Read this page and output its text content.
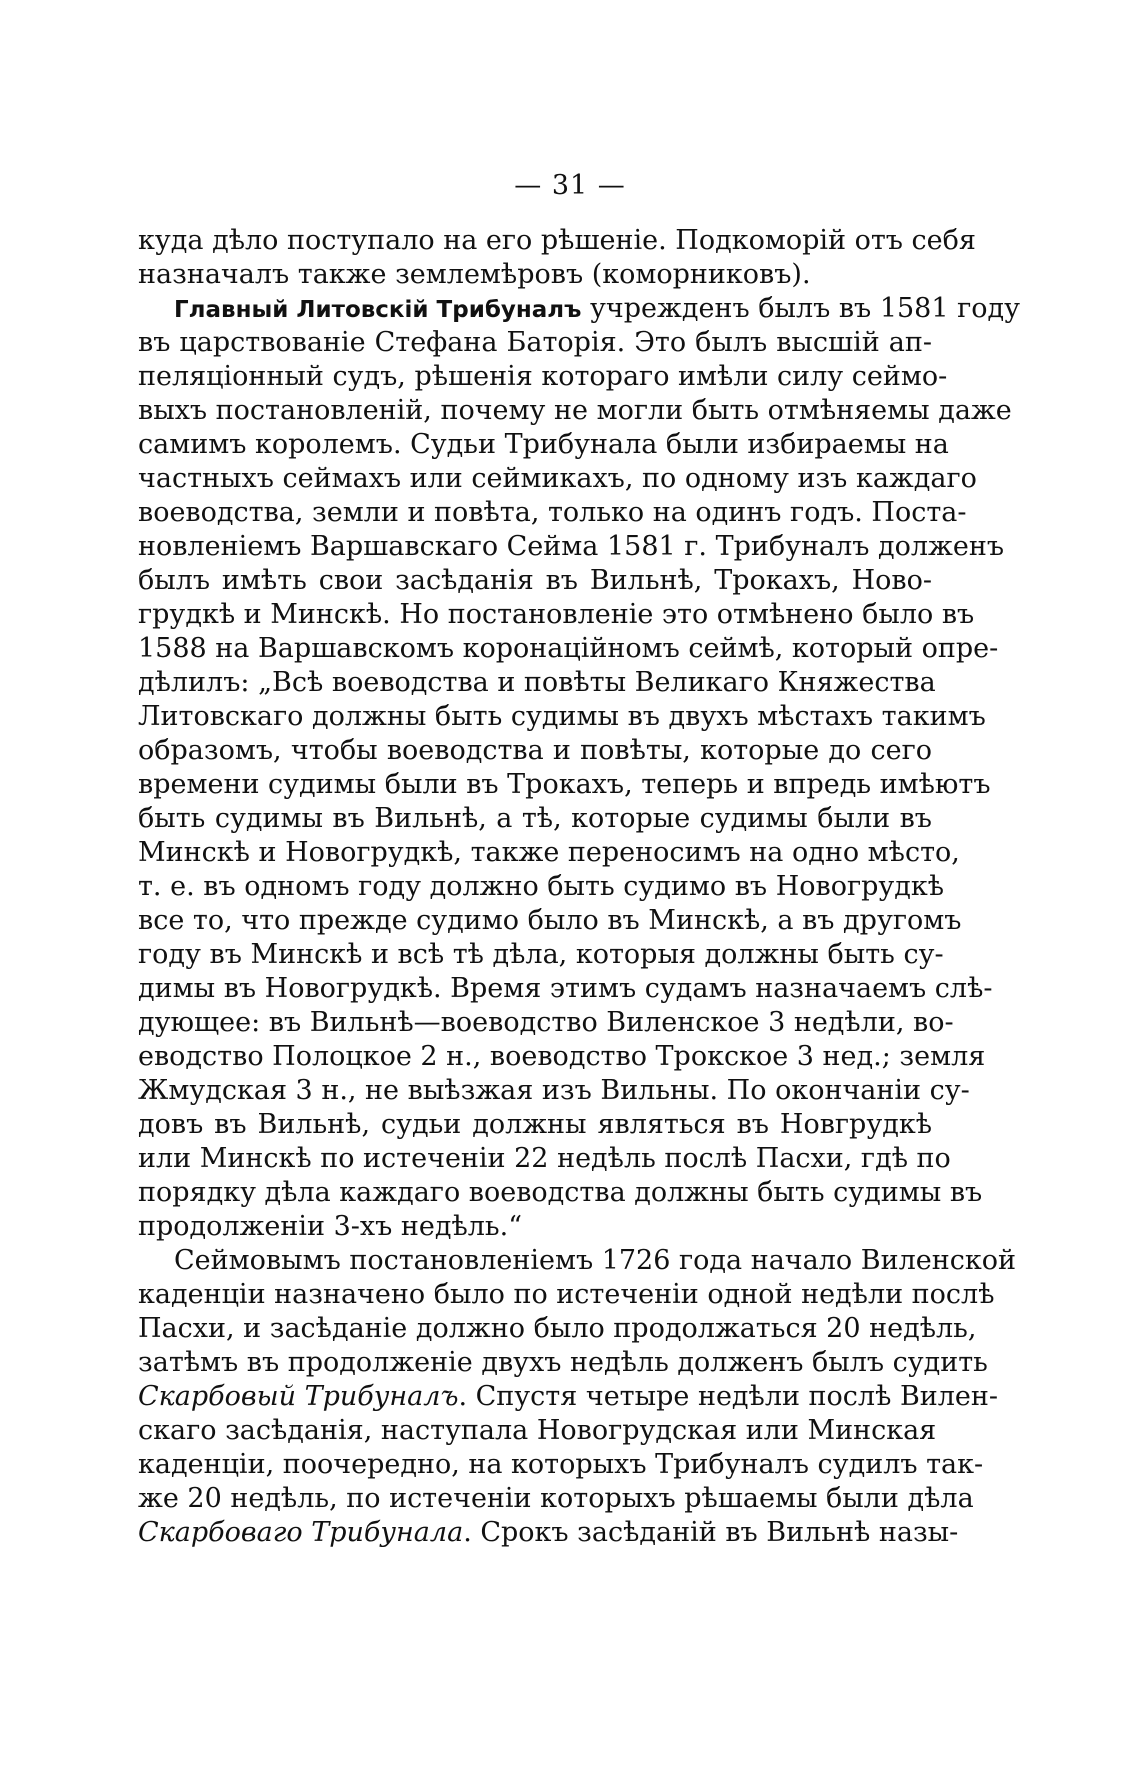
— 31 —
куда дѣло поступало на его рѣшеніе. Подкоморій отъ себя
назначалъ также землемѣровъ (коморниковъ).
Главный Литовскій Трибуналъ учрежденъ былъ въ 1581 году
въ царствованіе Стефана Баторія. Это былъ высшій ап-
пеляціонный судъ, рѣшенія котораго имѣли силу сеймо-
выхъ постановленій, почему не могли быть отмѣняемы даже
самимъ королемъ. Судьи Трибунала были избираемы на
частныхъ сеймахъ или сеймикахъ, по одному изъ каждаго
воеводства, земли и повѣта, только на одинъ годъ. Поста-
новленіемъ Варшавскаго Сейма 1581 г. Трибуналъ долженъ
былъ имѣть свои засѣданія въ Вильнѣ, Трокахъ, Ново-
грудкѣ и Минскѣ. Но постановленіе это отмѣнено было въ
1588 на Варшавскомъ коронаційномъ сеймѣ, который опре-
дѣлилъ: „Всѣ воеводства и повѣты Великаго Княжества
Литовскаго должны быть судимы въ двухъ мѣстахъ такимъ
образомъ, чтобы воеводства и повѣты, которые до сего
времени судимы были въ Трокахъ, теперь и впредь имѣютъ
быть судимы въ Вильнѣ, а тѣ, которые судимы были въ
Минскѣ и Новогрудкѣ, также переносимъ на одно мѣсто,
т. е. въ одномъ году должно быть судимо въ Новогрудкѣ
все то, что прежде судимо было въ Минскѣ, а въ другомъ
году въ Минскѣ и всѣ тѣ дѣла, которыя должны быть су-
димы въ Новогрудкѣ. Время этимъ судамъ назначаемъ слѣ-
дующее: въ Вильнѣ—воеводство Виленское 3 недѣли, во-
еводство Полоцкое 2 н., воеводство Трокское 3 нед.; земля
Жмудская 3 н., не выѣзжая изъ Вильны. По окончаніи су-
довъ въ Вильнѣ, судьи должны являться въ Новгрудкѣ
или Минскѣ по истеченіи 22 недѣль послѣ Пасхи, гдѣ по
порядку дѣла каждаго воеводства должны быть судимы въ
продолженіи 3-хъ недѣль.“
Сеймовымъ постановленіемъ 1726 года начало Виленской
каденціи назначено было по истеченіи одной недѣли послѣ
Пасхи, и засѣданіе должно было продолжаться 20 недѣль,
затѣмъ въ продолженіе двухъ недѣль долженъ былъ судить
Скарбовый Трибуналъ. Спустя четыре недѣли послѣ Вилен-
скаго засѣданія, наступала Новогрудская или Минская
каденціи, поочередно, на которыхъ Трибуналъ судилъ так-
же 20 недѣль, по истеченіи которыхъ рѣшаемы были дѣла
Скарбоваго Трибунала. Срокъ засѣданій въ Вильнѣ назы-
